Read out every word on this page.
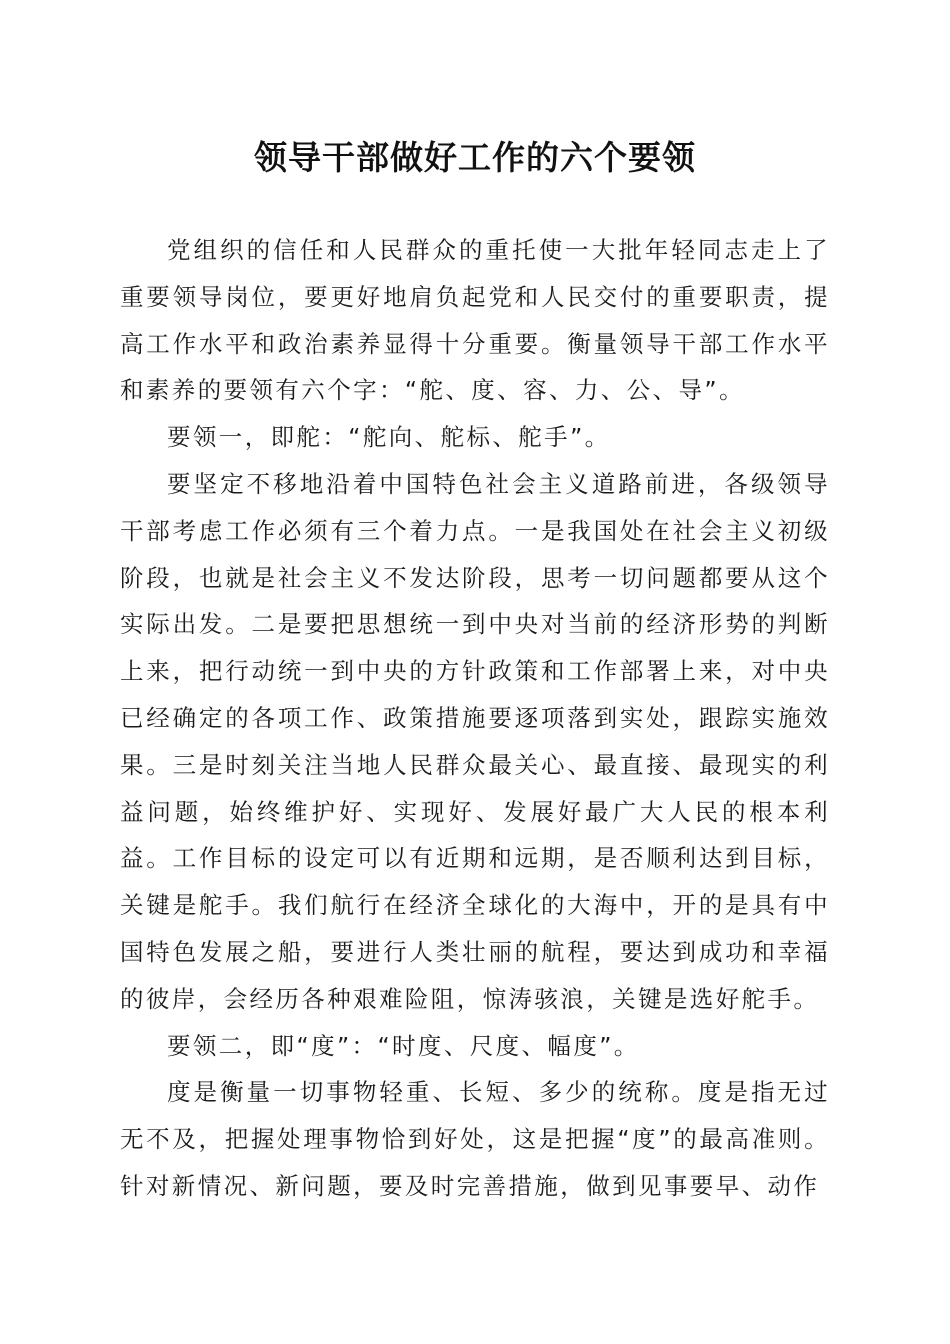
领导干部做好工作的六个要领

党组织的信任和人民群众的重托使一大批年轻同志走上了重要领导岗位，要更好地肩负起党和人民交付的重要职责，提高工作水平和政治素养显得十分重要。衡量领导干部工作水平和素养的要领有六个字：“舵、度、容、力、公、导”。

要领一，即舵：“舵向、舵标、舵手”。

要坚定不移地沿着中国特色社会主义道路前进，各级领导干部考虑工作必须有三个着力点。一是我国处在社会主义初级阶段，也就是社会主义不发达阶段，思考一切问题都要从这个实际出发。二是要把思想统一到中央对当前的经济形势的判断上来，把行动统一到中央的方针政策和工作部署上来，对中央已经确定的各项工作、政策措施要逐项落到实处，跟踪实施效果。三是时刻关注当地人民群众最关心、最直接、最现实的利益问题，始终维护好、实现好、发展好最广大人民的根本利益。工作目标的设定可以有近期和远期，是否顺利达到目标，关键是舵手。我们航行在经济全球化的大海中，开的是具有中国特色发展之船，要进行人类壮丽的航程，要达到成功和幸福的彼岸，会经历各种艰难险阻，惊涛骇浪，关键是选好舵手。

要领二，即“度”：“时度、尺度、幅度”。

度是衡量一切事物轻重、长短、多少的统称。度是指无过无不及，把握处理事物恰到好处，这是把握“度”的最高准则。针对新情况、新问题，要及时完善措施，做到见事要早、动作
